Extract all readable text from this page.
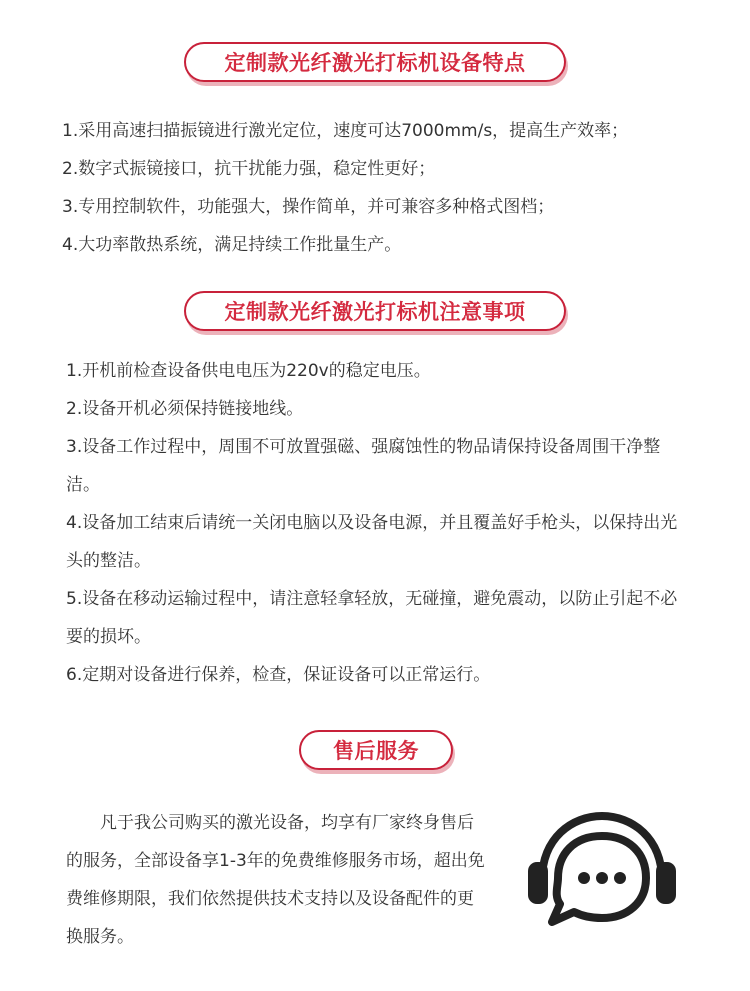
定制款光纤激光打标机设备特点
1.采用高速扫描振镜进行激光定位，速度可达7000mm/s，提高生产效率；
2.数字式振镜接口，抗干扰能力强，稳定性更好；
3.专用控制软件，功能强大，操作简单，并可兼容多种格式图档；
4.大功率散热系统，满足持续工作批量生产。
定制款光纤激光打标机注意事项
1.开机前检查设备供电电压为220v的稳定电压。
2.设备开机必须保持链接地线。
3.设备工作过程中，周围不可放置强磁、强腐蚀性的物品请保持设备周围干净整洁。
4.设备加工结束后请统一关闭电脑以及设备电源，并且覆盖好手枪头，以保持出光头的整洁。
5.设备在移动运输过程中，请注意轻拿轻放，无碰撞，避免震动，以防止引起不必要的损坏。
6.定期对设备进行保养，检查，保证设备可以正常运行。
售后服务

凡于我公司购买的激光设备，均享有厂家终身售后的服务，全部设备享1-3年的免费维修服务市场，超出免费维修期限，我们依然提供技术支持以及设备配件的更换服务。
